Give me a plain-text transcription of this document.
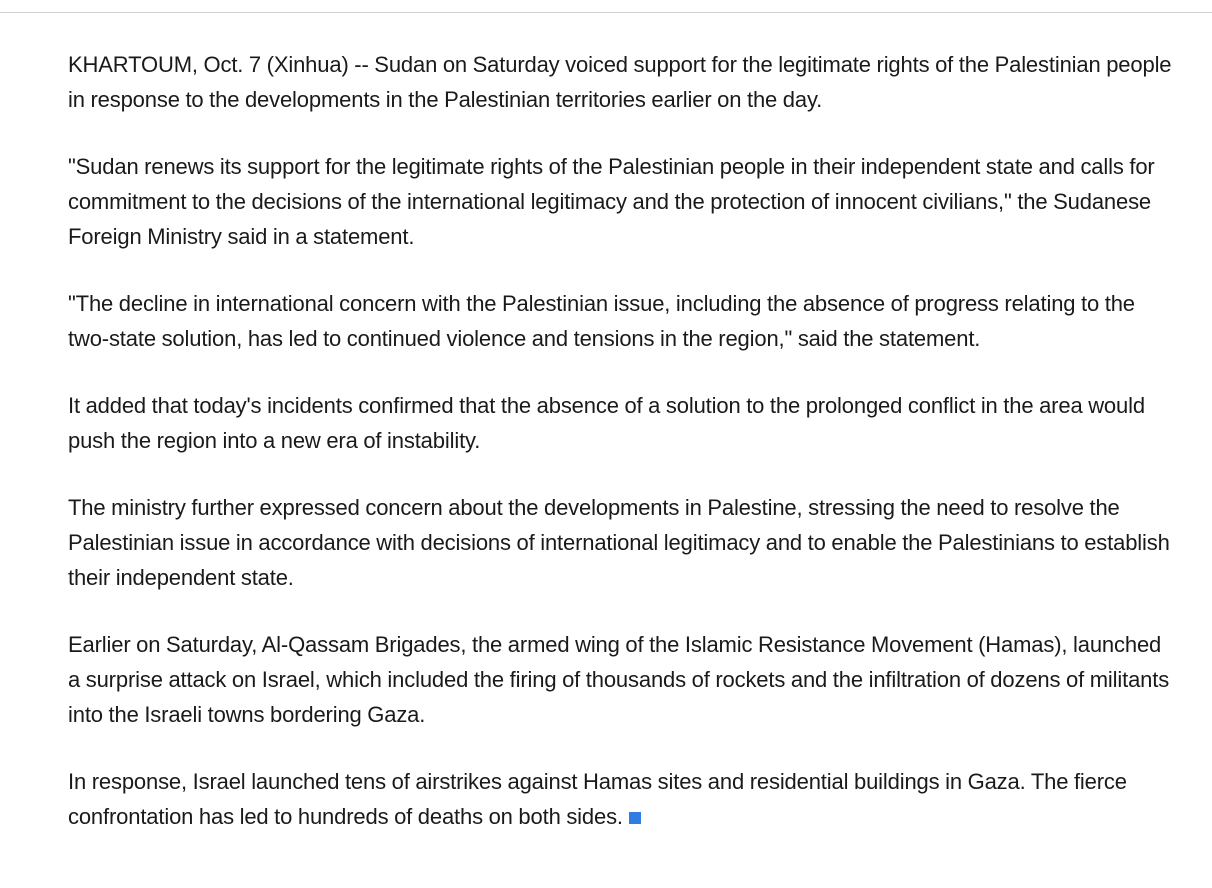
KHARTOUM, Oct. 7 (Xinhua) -- Sudan on Saturday voiced support for the legitimate rights of the Palestinian people in response to the developments in the Palestinian territories earlier on the day.

"Sudan renews its support for the legitimate rights of the Palestinian people in their independent state and calls for commitment to the decisions of the international legitimacy and the protection of innocent civilians," the Sudanese Foreign Ministry said in a statement.

"The decline in international concern with the Palestinian issue, including the absence of progress relating to the two-state solution, has led to continued violence and tensions in the region," said the statement.

It added that today's incidents confirmed that the absence of a solution to the prolonged conflict in the area would push the region into a new era of instability.

The ministry further expressed concern about the developments in Palestine, stressing the need to resolve the Palestinian issue in accordance with decisions of international legitimacy and to enable the Palestinians to establish their independent state.

Earlier on Saturday, Al-Qassam Brigades, the armed wing of the Islamic Resistance Movement (Hamas), launched a surprise attack on Israel, which included the firing of thousands of rockets and the infiltration of dozens of militants into the Israeli towns bordering Gaza.

In response, Israel launched tens of airstrikes against Hamas sites and residential buildings in Gaza. The fierce confrontation has led to hundreds of deaths on both sides.
